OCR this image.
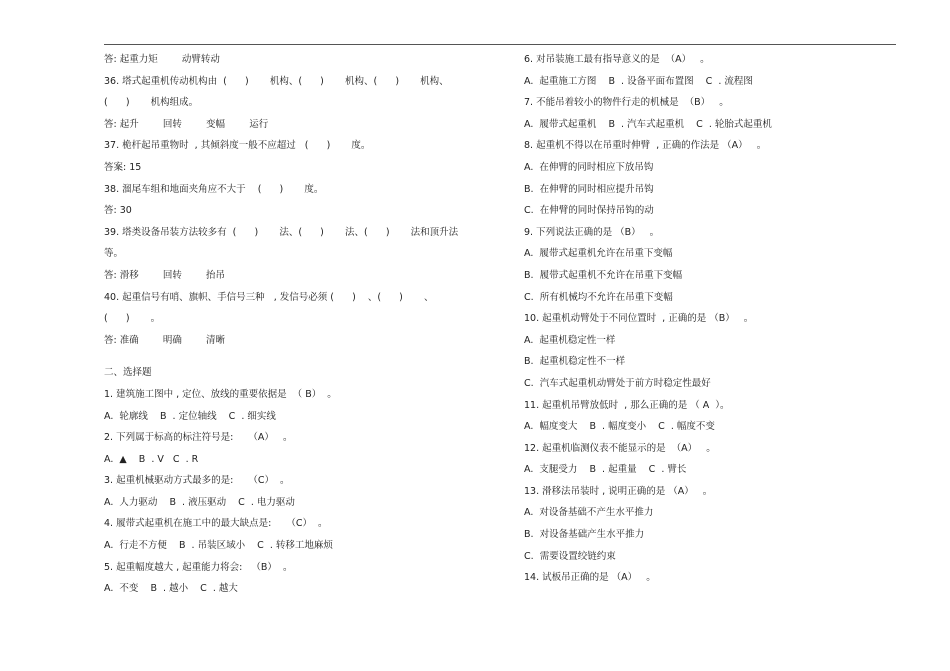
答: 起重力矩        动臂转动
36. 塔式起重机传动机构由  (      )       机构、(      )       机构、(      )       机构、
(      )       机构组成。
答: 起升        回转        变幅        运行
37. 桅杆起吊重物时  , 其倾斜度一般不应超过   (      )       度。
答案: 15
38. 溜尾车组和地面夹角应不大于    (      )       度。
答: 30
39. 塔类设备吊装方法较多有  (      )       法、(      )       法、(      )       法和顶升法
等。
答: 滑移        回转        抬吊
40. 起重信号有哨、旗帜、手信号三种   , 发信号必须 (      )    、(      )       、
(      )       。
答: 准确        明确        清晰
二、选择题
1. 建筑施工图中 , 定位、放线的重要依据是  （ B）  。
A.  轮廓线    B  . 定位轴线    C  . 细实线
2. 下列属于标高的标注符号是:     （A）   。
A.  ▲    B  . V   C  . R
3. 起重机械驱动方式最多的是:     （C）  。
A.  人力驱动    B  . 液压驱动    C  . 电力驱动
4. 履带式起重机在施工中的最大缺点是:     （C）  。
A.  行走不方便    B  . 吊装区域小    C  . 转移工地麻烦
5. 起重幅度越大 , 起重能力将会:   （B）  。
A.  不变    B  . 越小    C  . 越大
6. 对吊装施工最有指导意义的是  （A）   。
A.  起重施工方图    B  . 设备平面布置图    C  . 流程图
7. 不能吊着较小的物件行走的机械是  （B）   。
A.  履带式起重机    B  . 汽车式起重机    C  . 轮胎式起重机
8. 起重机不得以在吊重时伸臂  , 正确的作法是 （A）   。
A.  在伸臂的同时相应下放吊钩
B.  在伸臂的同时相应提升吊钩
C.  在伸臂的同时保持吊钩的动
9. 下列说法正确的是 （B）   。
A.  履带式起重机允许在吊重下变幅
B.  履带式起重机不允许在吊重下变幅
C.  所有机械均不允许在吊重下变幅
10. 起重机动臂处于不同位置时  , 正确的是 （B）   。
A.  起重机稳定性一样
B.  起重机稳定性不一样
C.  汽车式起重机动臂处于前方时稳定性最好
11. 起重机吊臂放低时  , 那么正确的是 （ A  ）。
A.  幅度变大    B  . 幅度变小    C  . 幅度不变
12. 起重机临测仪表不能显示的是  （A）   。
A.  支腿受力    B  . 起重量    C  . 臂长
13. 滑移法吊装时 , 说明正确的是 （A）   。
A.  对设备基础不产生水平推力
B.  对设备基础产生水平推力
C.  需要设置绞链约束
14. 试板吊正确的是 （A）   。
